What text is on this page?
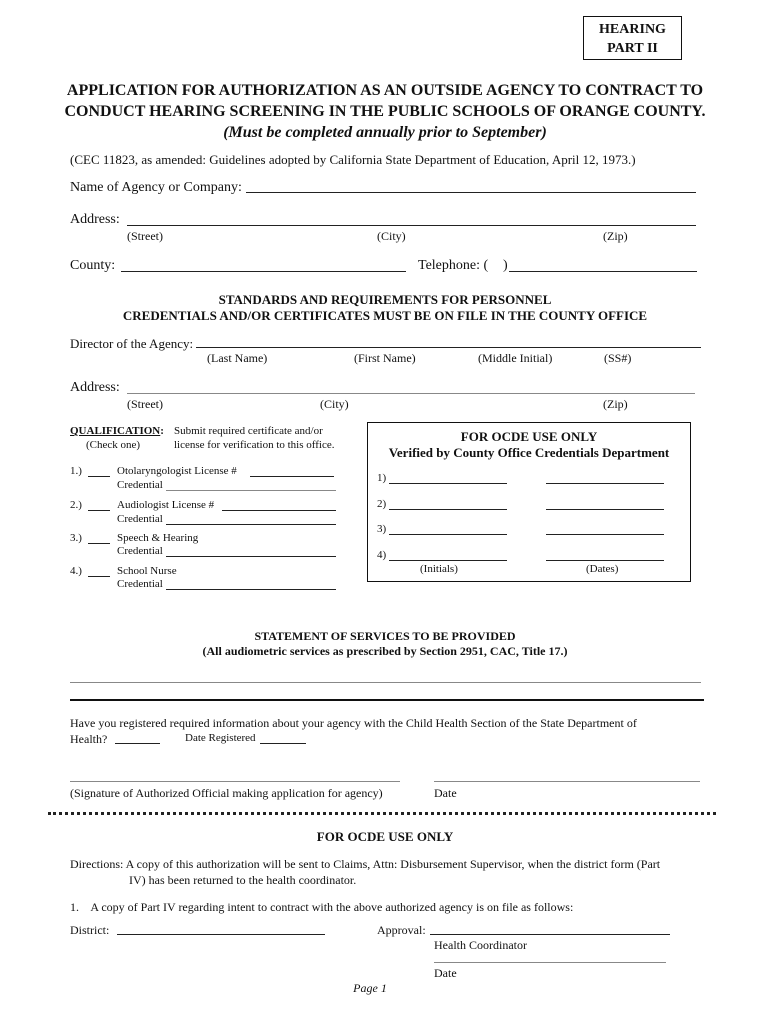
HEARING
PART II
APPLICATION FOR AUTHORIZATION AS AN OUTSIDE AGENCY TO CONTRACT TO
CONDUCT HEARING SCREENING IN THE PUBLIC SCHOOLS OF ORANGE COUNTY.
(Must be completed annually prior to September)
(CEC 11823, as amended: Guidelines adopted by California State Department of Education, April 12, 1973.)
Name of Agency or Company:
Address:
(Street)	(City)	(Zip)
County:	Telephone: ( )
STANDARDS AND REQUIREMENTS FOR PERSONNEL
CREDENTIALS AND/OR CERTIFICATES MUST BE ON FILE IN THE COUNTY OFFICE
Director of the Agency:
(Last Name)	(First Name)	(Middle Initial)	(SS#)
Address:
(Street)	(City)	(Zip)
QUALIFICATION:
(Check one)
Submit required certificate and/or
license for verification to this office.
1.)	Otolaryngologist License #
Credential
2.)	Audiologist License #
Credential
3.)	Speech & Hearing
Credential
4.)	School Nurse
Credential
FOR OCDE USE ONLY
Verified by County Office Credentials Department
1)
2)
3)
4)
(Initials)	(Dates)
STATEMENT OF SERVICES TO BE PROVIDED
(All audiometric services as prescribed by Section 2951, CAC, Title 17.)
Have you registered required information about your agency with the Child Health Section of the State Department of
Health?	Date Registered
(Signature of Authorized Official making application for agency)	Date
FOR OCDE USE ONLY
Directions: A copy of this authorization will be sent to Claims, Attn: Disbursement Supervisor, when the district form (Part
IV) has been returned to the health coordinator.
1.    A copy of Part IV regarding intent to contract with the above authorized agency is on file as follows:
District:	Approval:
Health Coordinator
Date
Page 1
